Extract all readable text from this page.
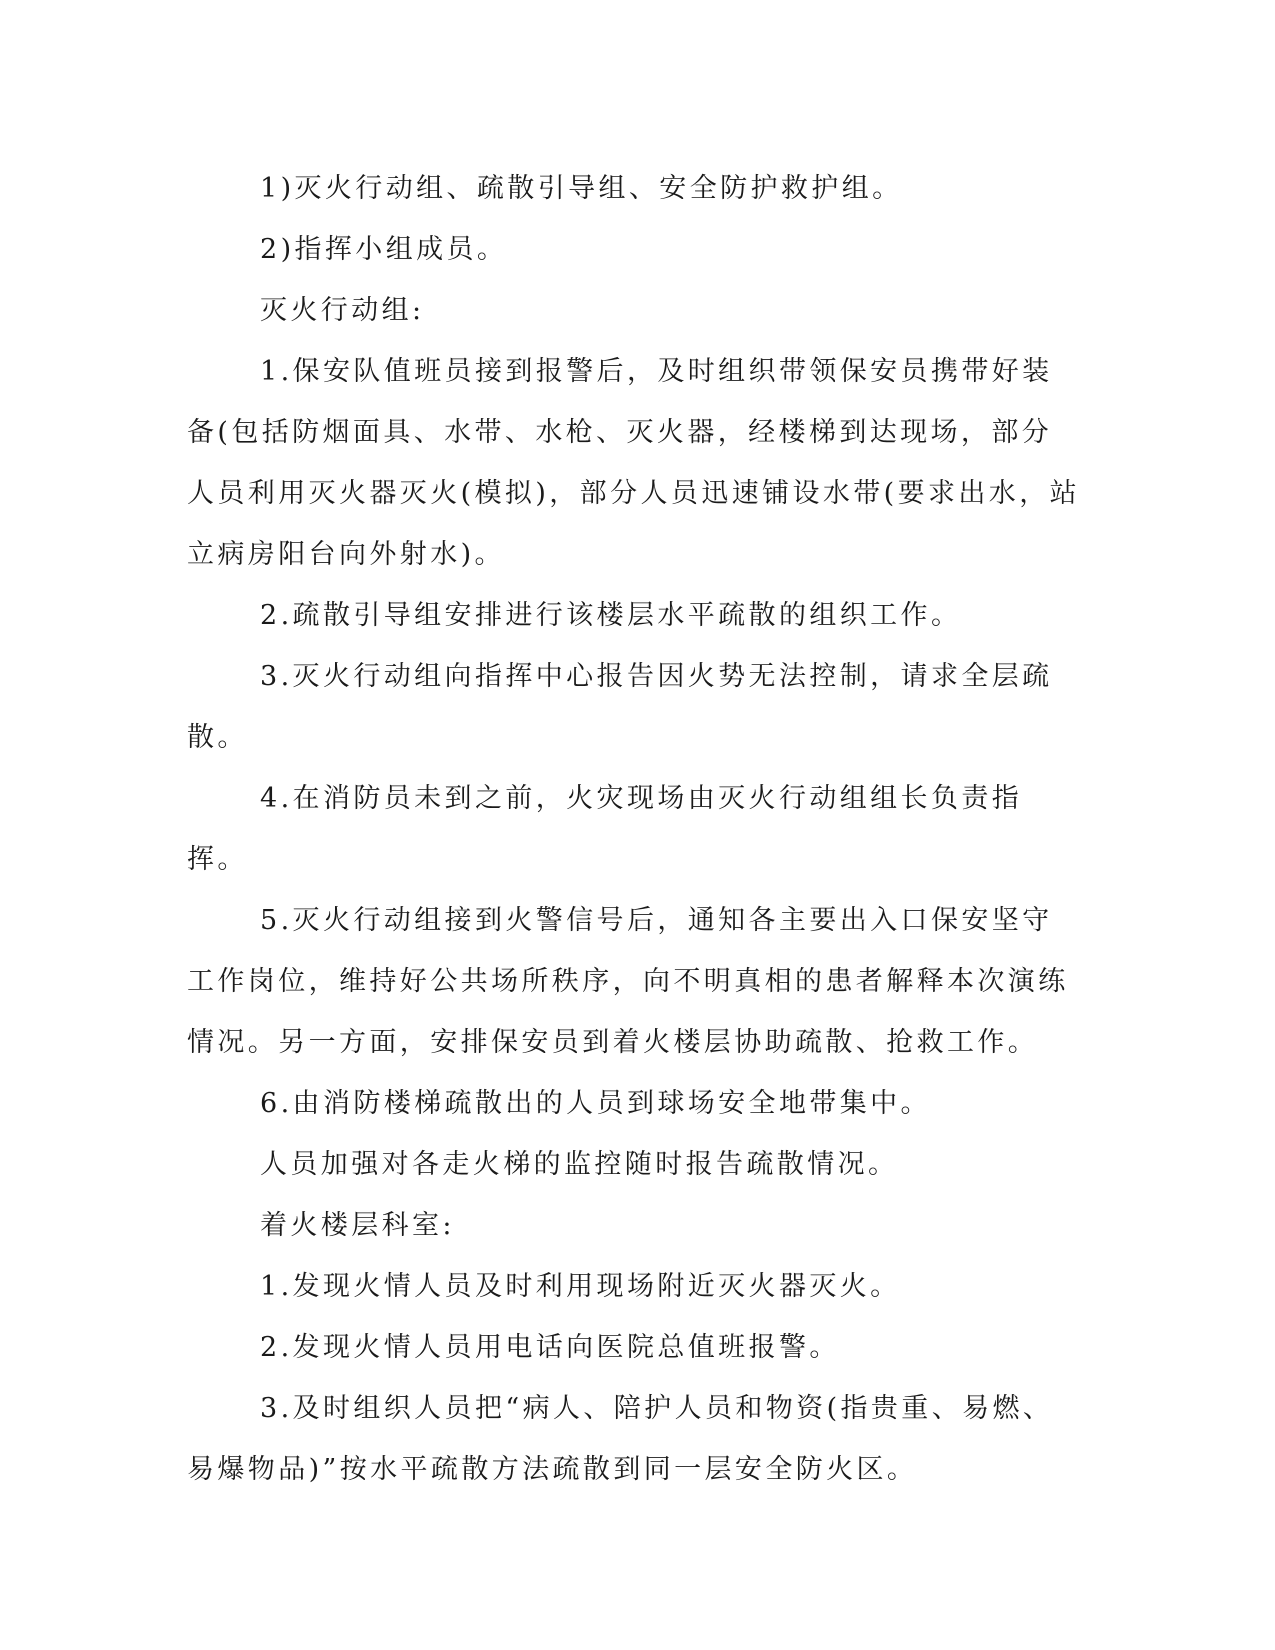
1)灭火行动组、疏散引导组、安全防护救护组。

2)指挥小组成员。

灭火行动组:

1.保安队值班员接到报警后，及时组织带领保安员携带好装备(包括防烟面具、水带、水枪、灭火器，经楼梯到达现场，部分人员利用灭火器灭火(模拟)，部分人员迅速铺设水带(要求出水，站立病房阳台向外射水)。

2.疏散引导组安排进行该楼层水平疏散的组织工作。

3.灭火行动组向指挥中心报告因火势无法控制，请求全层疏散。

4.在消防员未到之前，火灾现场由灭火行动组组长负责指挥。

5.灭火行动组接到火警信号后，通知各主要出入口保安坚守工作岗位，维持好公共场所秩序，向不明真相的患者解释本次演练情况。另一方面，安排保安员到着火楼层协助疏散、抢救工作。

6.由消防楼梯疏散出的人员到球场安全地带集中。

人员加强对各走火梯的监控随时报告疏散情况。

着火楼层科室:

1.发现火情人员及时利用现场附近灭火器灭火。

2.发现火情人员用电话向医院总值班报警。

3.及时组织人员把“病人、陪护人员和物资(指贵重、易燃、易爆物品)”按水平疏散方法疏散到同一层安全防火区。
